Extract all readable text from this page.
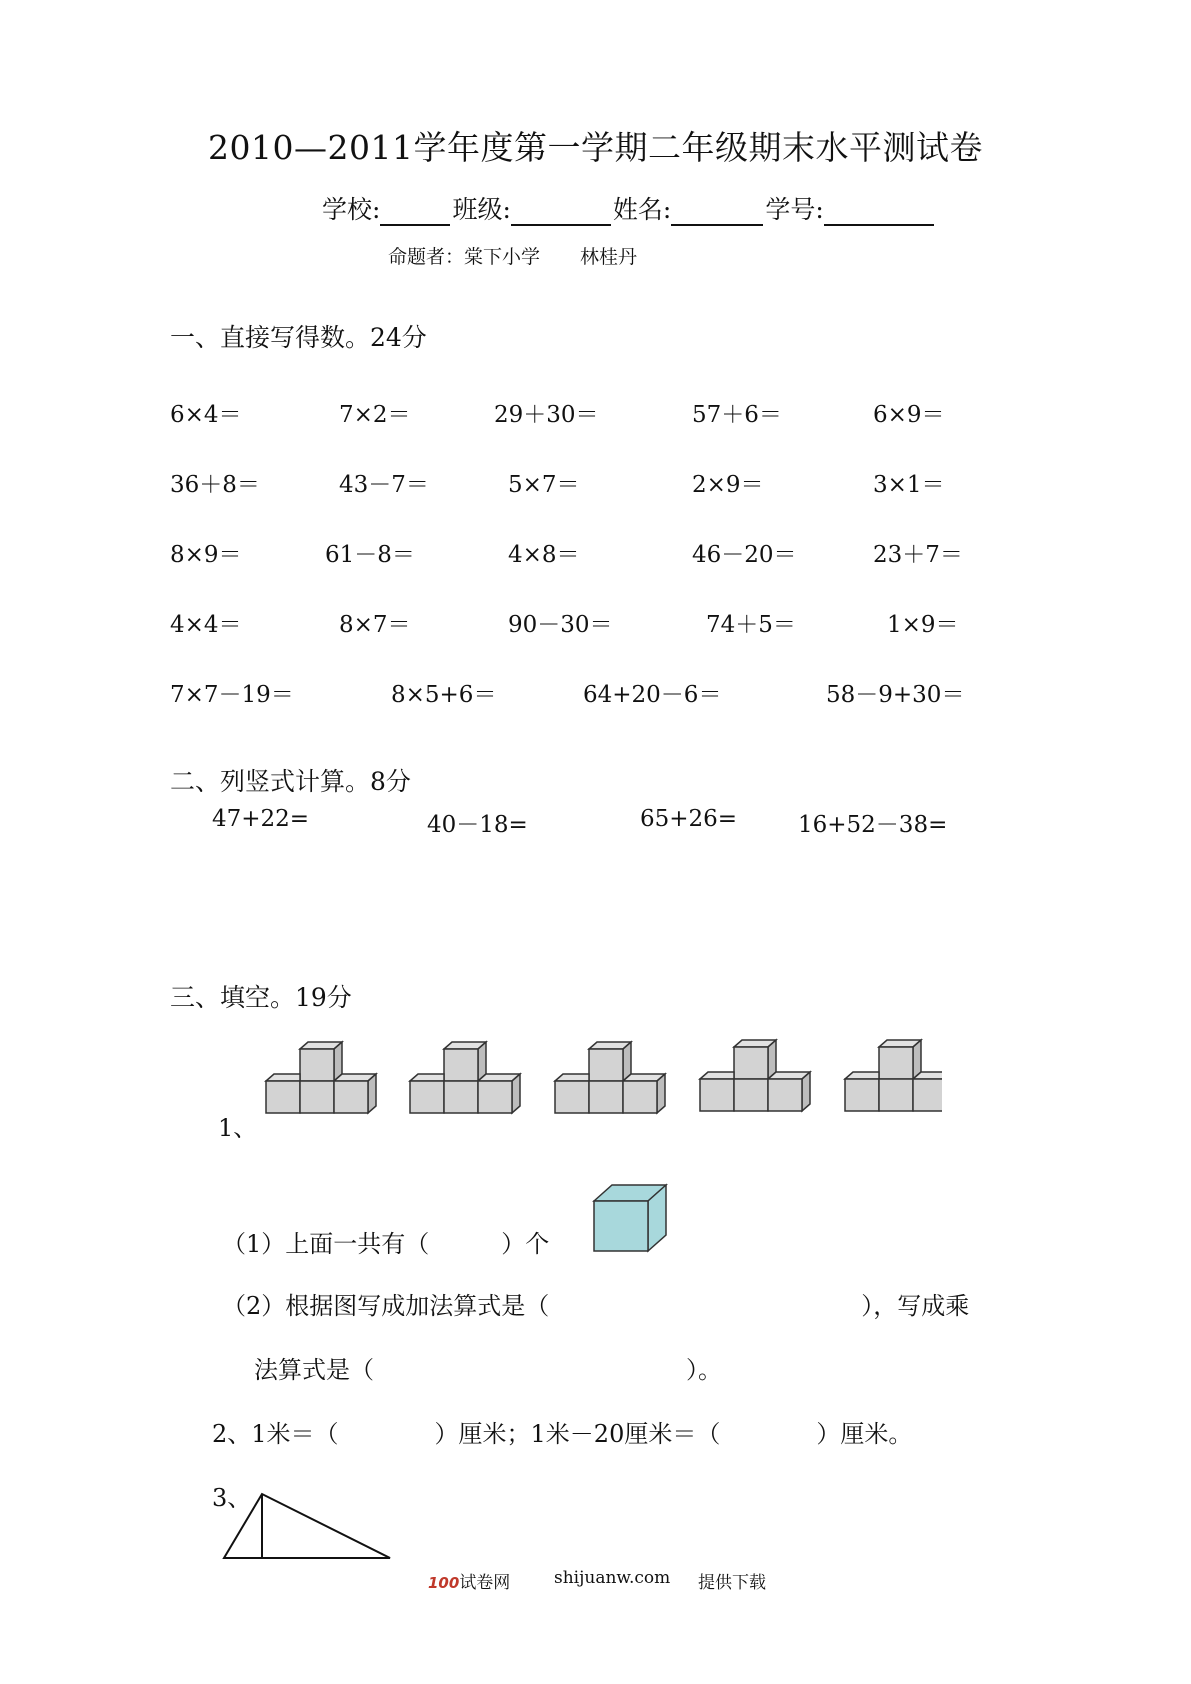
2010—2011学年度第一学期二年级期末水平测试卷
学校:	班级:	姓名:	学号:
命题者：棠下小学 林桂丹
一、直接写得数。24分
6×4＝	7×2＝	29＋30＝	57＋6＝	6×9＝
36＋8＝	43－7＝	5×7＝	2×9＝	3×1＝
8×9＝	61－8＝	4×8＝	46－20＝	23＋7＝
4×4＝	8×7＝	90－30＝	74＋5＝	1×9＝
7×7－19＝	8×5+6＝	64+20－6＝	58－9+30＝
二、列竖式计算。8分
47+22=	40－18=	65+26=	16+52－38=
三、填空。19分
1、
（1）上面一共有（　　　）个
（2）根据图写成加法算式是（　　　　　　　　　　　　　），写成乘
法算式是（　　　　　　　　　　　　　）。
2、1米＝（　　　　）厘米；1米－20厘米＝（　　　　）厘米。
3、
100试卷网	shijuanw.com 提供下载
